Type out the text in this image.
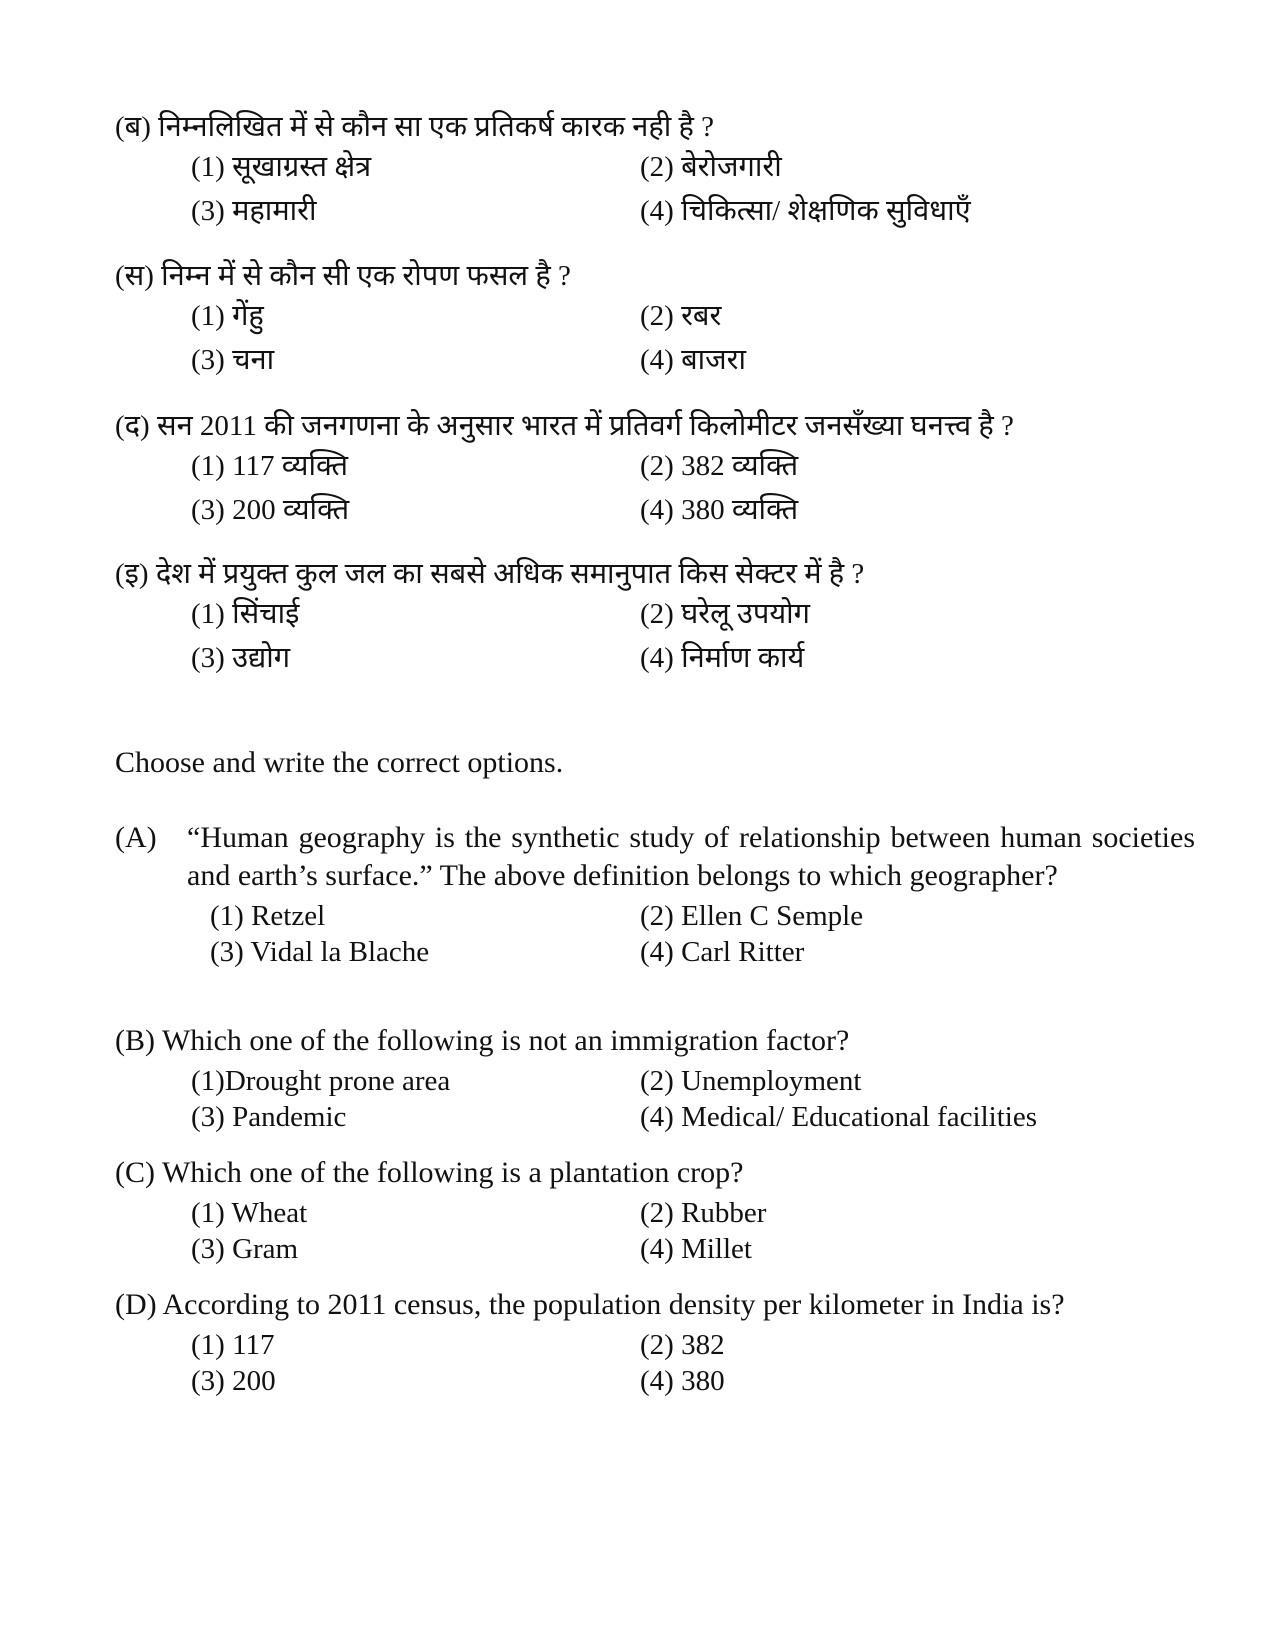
(ब) निम्नलिखित में से कौन सा एक प्रतिकर्ष कारक नही है ?
(1) सूखाग्रस्त क्षेत्र	(2) बेरोजगारी
(3) महामारी	(4) चिकित्सा/ शेक्षणिक सुविधाएँ
(स) निम्न में से कौन सी एक रोपण फसल है ?
(1) गेंहु	(2) रबर
(3) चना	(4) बाजरा
(द) सन 2011 की जनगणना के अनुसार भारत में प्रतिवर्ग किलोमीटर जनसँख्या घनत्त्व है ?
(1) 117 व्यक्ति	(2) 382 व्यक्ति
(3) 200 व्यक्ति	(4) 380 व्यक्ति
(इ) देश में प्रयुक्त कुल जल का सबसे अधिक समानुपात किस सेक्टर में है ?
(1) सिंचाई	(2) घरेलू उपयोग
(3) उद्योग	(4) निर्माण कार्य
Choose and write the correct options.
(A)	“Human geography is the synthetic study of relationship between human societies and earth’s surface.” The above definition belongs to which geographer?
(1) Retzel	(2) Ellen C Semple
(3) Vidal la Blache	(4) Carl Ritter
(B) Which one of the following is not an immigration factor?
(1)Drought prone area	(2) Unemployment
(3) Pandemic	(4) Medical/ Educational facilities
(C) Which one of the following is a plantation crop?
(1) Wheat	(2) Rubber
(3) Gram	(4) Millet
(D) According to 2011 census, the population density per kilometer in India is?
(1) 117	(2) 382
(3) 200	(4) 380
